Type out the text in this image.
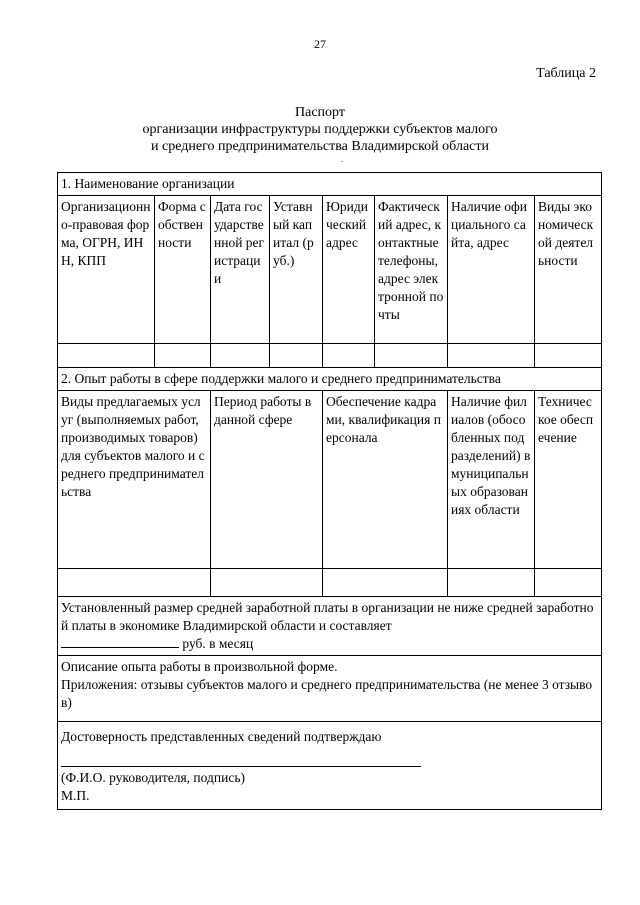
27
Таблица 2
Паспорт
организации инфраструктуры поддержки субъектов малого
и среднего предпринимательства Владимирской области
1. Наименование организации							
Организационно-правовая форма, ОГРН, ИНН, КПП	Форма собственности	Дата государственной регистрации	Уставный капитал (руб.)	Юридический адрес	Фактический адрес, контактные телефоны, адрес электронной почты	Наличие официального сайта, адрес	Виды экономической деятельности

2. Опыт работы в сфере поддержки малого и среднего предпринимательства							
Виды предлагаемых услуг (выполняемых работ, производимых товаров) для субъектов малого и среднего предпринимательства		Период работы в данной сфере		Обеспечение кадрами, квалификация персонала		Наличие филиалов (обособленных подразделений) в муниципальных образованиях области	Техническое обеспечение

Установленный размер средней заработной платы в организации не ниже средней заработной платы в экономике Владимирской области и составляет
руб. в месяц							

Описание опыта работы в произвольной форме.
Приложения: отзывы субъектов малого и среднего предпринимательства (не менее 3 отзывов)							

Достоверность представленных сведений подтверждаю
(Ф.И.О. руководителя, подпись)
М.П.							
